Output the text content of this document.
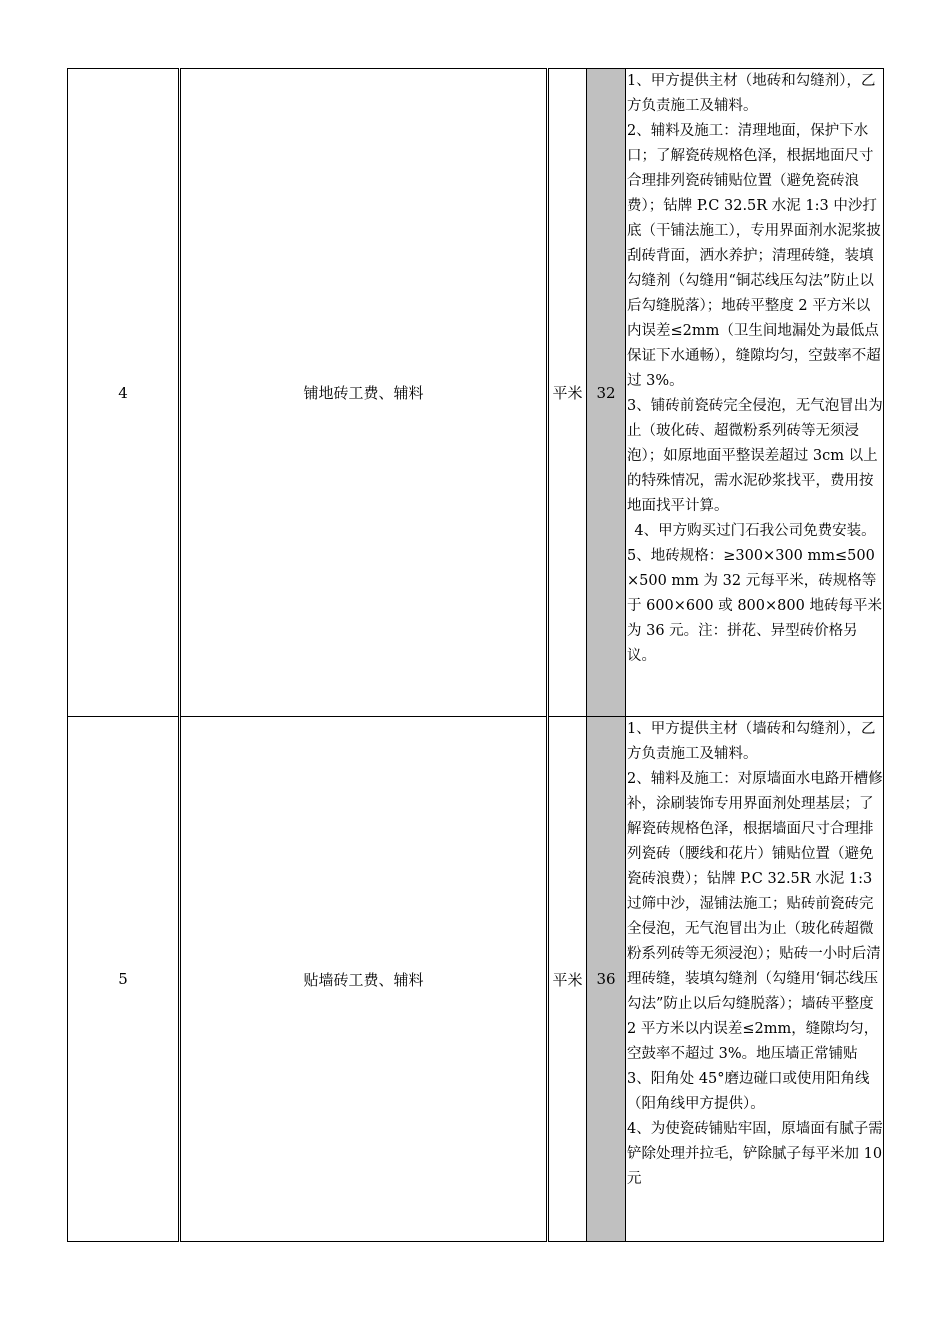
4	铺地砖工费、辅料	平米	32	1、甲方提供主材（地砖和勾缝剂），乙方负责施工及辅料。
2、辅料及施工：清理地面，保护下水口；了解瓷砖规格色泽，根据地面尺寸合理排列瓷砖铺贴位置（避免瓷砖浪费）；钻牌 P.C 32.5R 水泥 1:3 中沙打底（干铺法施工），专用界面剂水泥浆披刮砖背面，洒水养护；清理砖缝，装填勾缝剂（勾缝用“铜芯线压勾法”防止以后勾缝脱落）；地砖平整度 2 平方米以内误差≤2mm（卫生间地漏处为最低点保证下水通畅），缝隙均匀，空鼓率不超过 3%。
3、铺砖前瓷砖完全侵泡，无气泡冒出为止（玻化砖、超微粉系列砖等无须浸泡）；如原地面平整误差超过 3cm 以上的特殊情况，需水泥砂浆找平，费用按地面找平计算。
4、甲方购买过门石我公司免费安装。
5、地砖规格：≥300×300 mm≤500×500 mm 为 32 元每平米，砖规格等于 600×600 或 800×800 地砖每平米为 36 元。注：拼花、异型砖价格另议。

5	贴墙砖工费、辅料	平米	36	1、甲方提供主材（墙砖和勾缝剂），乙方负责施工及辅料。
2、辅料及施工：对原墙面水电路开槽修补，涂刷装饰专用界面剂处理基层；了解瓷砖规格色泽，根据墙面尺寸合理排列瓷砖（腰线和花片）铺贴位置（避免瓷砖浪费）；钻牌 P.C 32.5R 水泥 1:3 过筛中沙，湿铺法施工；贴砖前瓷砖完全侵泡，无气泡冒出为止（玻化砖超微粉系列砖等无须浸泡）；贴砖一小时后清理砖缝，装填勾缝剂（勾缝用‘铜芯线压勾法”防止以后勾缝脱落）；墙砖平整度 2 平方米以内误差≤2mm，缝隙均匀，空鼓率不超过 3%。地压墙正常铺贴
3、阳角处 45°磨边碰口或使用阳角线（阳角线甲方提供）。
4、为使瓷砖铺贴牢固，原墙面有腻子需铲除处理并拉毛，铲除腻子每平米加 10 元
